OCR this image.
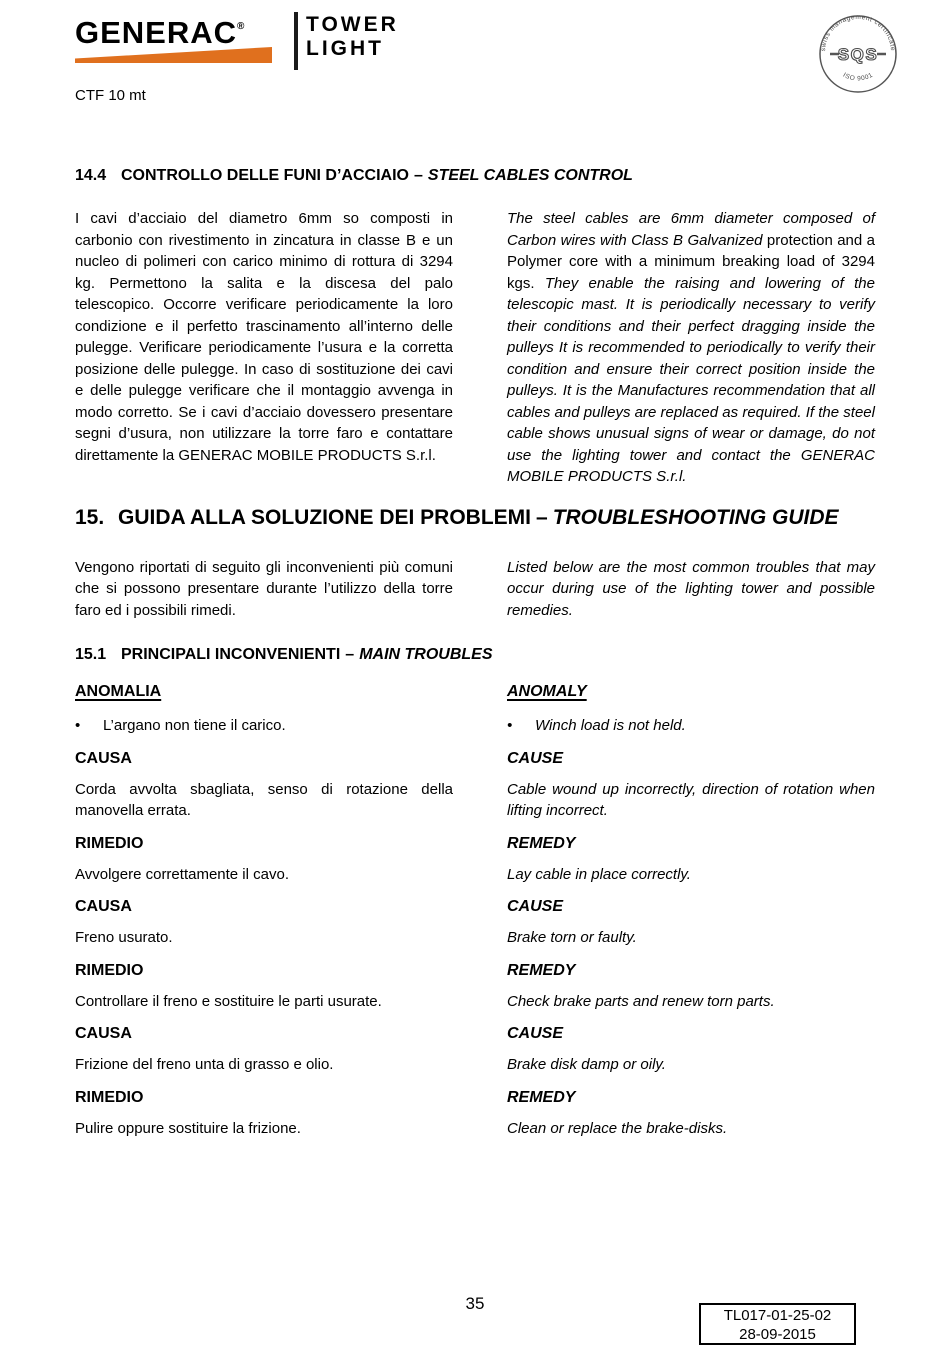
GENERAC®	TOWER
LIGHT	swiss management certificate
ISO 9001
SQS
CTF 10 mt
14.4 CONTROLLO DELLE FUNI D’ACCIAIO – STEEL CABLES CONTROL

I cavi d’acciaio del diametro 6mm so composti in carbonio con rivestimento in zincatura in classe B e un nucleo di polimeri con carico minimo di rottura di 3294 kg. Permettono la salita e la discesa del palo telescopico. Occorre verificare periodicamente la loro condizione e il perfetto trascinamento all’interno delle pulegge. Verificare periodicamente l’usura e la corretta posizione delle pulegge. In caso di sostituzione dei cavi e delle pulegge verificare che il montaggio avvenga in modo corretto. Se i cavi d’acciaio dovessero presentare segni d’usura, non utilizzare la torre faro e contattare direttamente la GENERAC MOBILE PRODUCTS S.r.l.

The steel cables are 6mm diameter composed of Carbon wires with Class B Galvanized protection and a Polymer core with a minimum breaking load of 3294 kgs. They enable the raising and lowering of the telescopic mast. It is periodically necessary to verify their conditions and their perfect dragging inside the pulleys It is recommended to periodically to verify their condition and ensure their correct position inside the pulleys. It is the Manufactures recommendation that all cables and pulleys are replaced as required. If the steel cable shows unusual signs of wear or damage, do not use the lighting tower and contact the GENERAC MOBILE PRODUCTS S.r.l.

15. GUIDA ALLA SOLUZIONE DEI PROBLEMI – TROUBLESHOOTING GUIDE

Vengono riportati di seguito gli inconvenienti più comuni che si possono presentare durante l’utilizzo della torre faro ed i possibili rimedi.

Listed below are the most common troubles that may occur during use of the lighting tower and possible remedies.

15.1 PRINCIPALI INCONVENIENTI – MAIN TROUBLES
ANOMALIA	ANOMALY
•	L’argano non tiene il carico.	•	Winch load is not held.
CAUSA	CAUSE

Corda avvolta sbagliata, senso di rotazione della manovella errata.

Cable wound up incorrectly, direction of rotation when lifting incorrect.

RIMEDIO	REMEDY

Avvolgere correttamente il cavo.	Lay cable in place correctly.

CAUSA	CAUSE

Freno usurato.	Brake torn or faulty.

RIMEDIO	REMEDY

Controllare il freno e sostituire le parti usurate.	Check brake parts and renew torn parts.

CAUSA	CAUSE

Frizione del freno unta di grasso e olio.	Brake disk damp or oily.

RIMEDIO	REMEDY

Pulire oppure sostituire la frizione.	Clean or replace the brake-disks.

35
TL017-01-25-02
28-09-2015
